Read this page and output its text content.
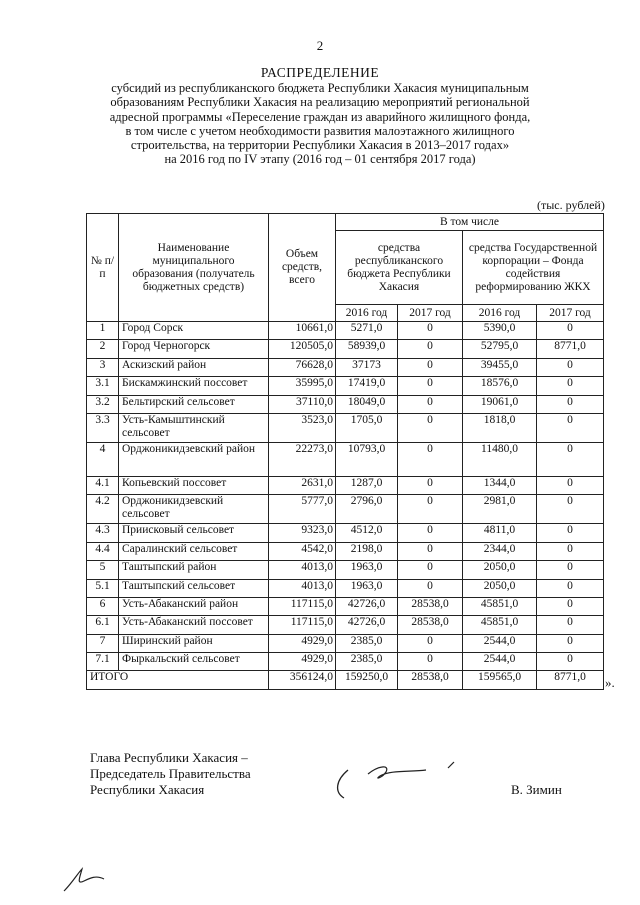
2
РАСПРЕДЕЛЕНИЕ
субсидий из республиканского бюджета Республики Хакасия муниципальным
образованиям Республики Хакасия на реализацию мероприятий региональной
адресной программы «Переселение граждан из аварийного жилищного фонда,
в том числе с учетом необходимости развития малоэтажного жилищного
строительства, на территории Республики Хакасия в 2013–2017 годах»
на 2016 год по IV этапу (2016 год – 01 сентября 2017 года)
(тыс. рублей)
№ п/п	Наименование муниципального образования (получатель бюджетных средств)	Объем средств, всего	В том числе			
			средства республиканского бюджета Республики Хакасия		средства Государственной корпорации – Фонда содействия реформированию ЖКХ	
			2016 год	2017 год	2016 год	2017 год
1	Город Сорск	10661,0	5271,0	0	5390,0	0
2	Город Черногорск	120505,0	58939,0	0	52795,0	8771,0
3	Аскизский район	76628,0	37173	0	39455,0	0
3.1	Бискамжинский поссовет	35995,0	17419,0	0	18576,0	0
3.2	Бельтирский сельсовет	37110,0	18049,0	0	19061,0	0
3.3	Усть-Камыштинский сельсовет	3523,0	1705,0	0	1818,0	0
4	Орджоникидзевский район	22273,0	10793,0	0	11480,0	0
4.1	Копьевский поссовет	2631,0	1287,0	0	1344,0	0
4.2	Орджоникидзевский сельсовет	5777,0	2796,0	0	2981,0	0
4.3	Приисковый сельсовет	9323,0	4512,0	0	4811,0	0
4.4	Саралинский сельсовет	4542,0	2198,0	0	2344,0	0
5	Таштыпский район	4013,0	1963,0	0	2050,0	0
5.1	Таштыпский сельсовет	4013,0	1963,0	0	2050,0	0
6	Усть-Абаканский район	117115,0	42726,0	28538,0	45851,0	0
6.1	Усть-Абаканский поссовет	117115,0	42726,0	28538,0	45851,0	0
7	Ширинский район	4929,0	2385,0	0	2544,0	0
7.1	Фыркальский сельсовет	4929,0	2385,0	0	2544,0	0
ИТОГО		356124,0	159250,0	28538,0	159565,0	8771,0 ».
Глава Республики Хакасия –
Председатель Правительства
Республики Хакасия	В. Зимин
